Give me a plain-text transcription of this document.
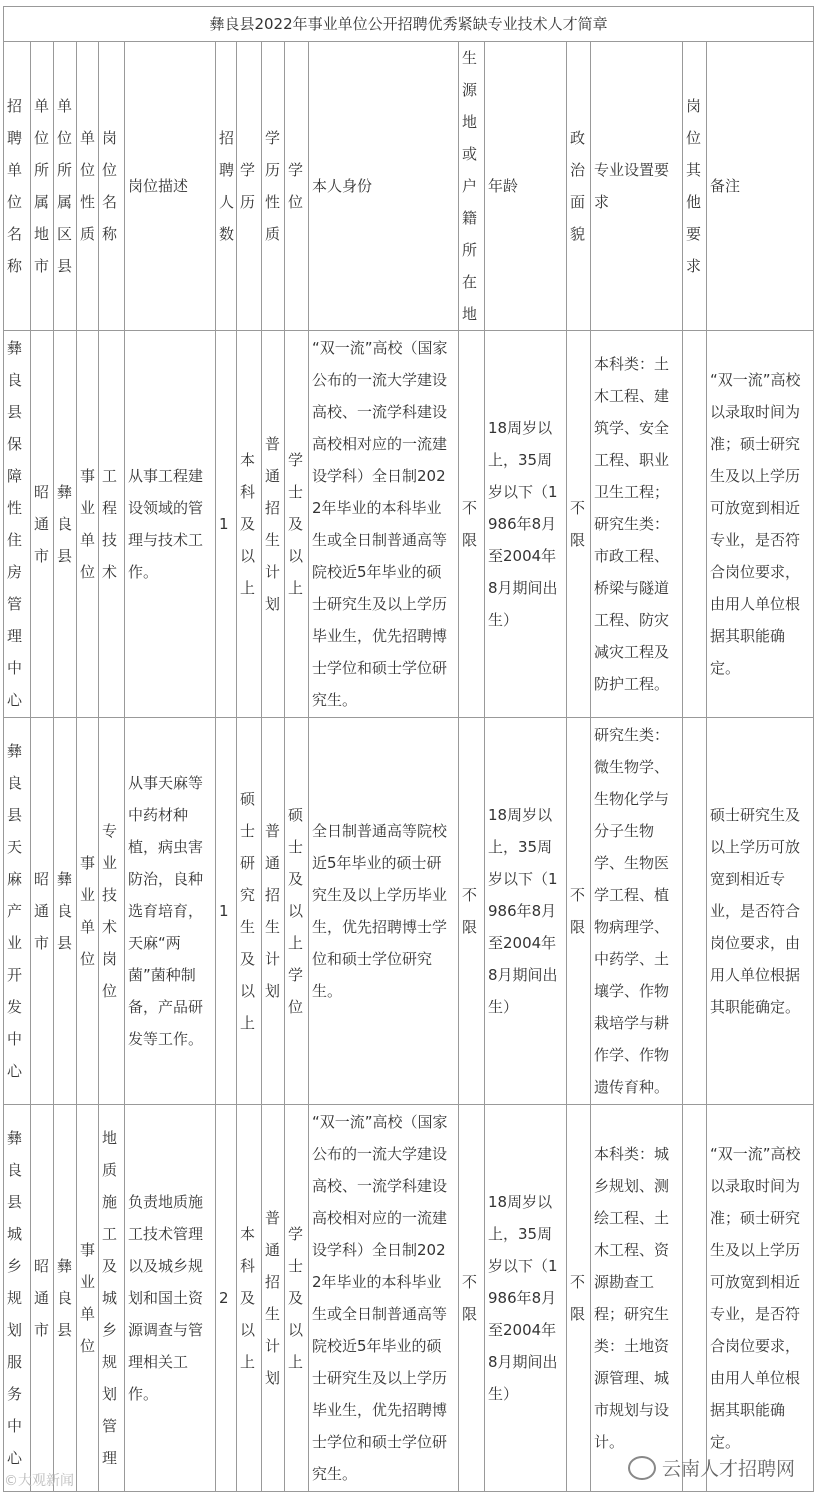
彝良县2022年事业单位公开招聘优秀紧缺专业技术人才简章																
招聘单位名称	单位所属地市	单位所属区县	单位性质	岗位名称	岗位描述	招聘人数	学历	学历性质	学位	本人身份	生源地或户籍所在地	年龄	政治面貌	专业设置要求	岗位其他要求	备注
彝良县保障性住房管理中心	昭通市	彝良县	事业单位	工程技术	从事工程建设领域的管理与技术工作。	1	本科及以上	普通招生计划	学士及以上	“双一流”高校（国家公布的一流大学建设高校、一流学科建设高校相对应的一流建设学科）全日制2022年毕业的本科毕业生或全日制普通高等院校近5年毕业的硕士研究生及以上学历毕业生，优先招聘博士学位和硕士学位研究生。	不限	18周岁以上，35周岁以下（1986年8月至2004年8月期间出生）	不限	本科类：土木工程、建筑学、安全工程、职业卫生工程；研究生类：市政工程、桥梁与隧道工程、防灾减灾工程及防护工程。		“双一流”高校以录取时间为准；硕士研究生及以上学历可放宽到相近专业，是否符合岗位要求，由用人单位根据其职能确定。
彝良县天麻产业开发中心	昭通市	彝良县	事业单位	专业技术岗位	从事天麻等中药材种植，病虫害防治，良种选育培育，天麻“两菌”菌种制备，产品研发等工作。	1	硕士研究生及以上	普通招生计划	硕士及以上学位	全日制普通高等院校近5年毕业的硕士研究生及以上学历毕业生，优先招聘博士学位和硕士学位研究生。	不限	18周岁以上，35周岁以下（1986年8月至2004年8月期间出生）	不限	研究生类：微生物学、生物化学与分子生物学、生物医学工程、植物病理学、中药学、土壤学、作物栽培学与耕作学、作物遗传育种。		硕士研究生及以上学历可放宽到相近专业，是否符合岗位要求，由用人单位根据其职能确定。
彝良县城乡规划服务中心	昭通市	彝良县	事业单位	地质施工及城乡规划管理	负责地质施工技术管理以及城乡规划和国土资源调查与管理相关工作。	2	本科及以上	普通招生计划	学士及以上	“双一流”高校（国家公布的一流大学建设高校、一流学科建设高校相对应的一流建设学科）全日制2022年毕业的本科毕业生或全日制普通高等院校近5年毕业的硕士研究生及以上学历毕业生，优先招聘博士学位和硕士学位研究生。	不限	18周岁以上，35周岁以下（1986年8月至2004年8月期间出生）	不限	本科类：城乡规划、测绘工程、土木工程、资源勘查工程；研究生类：土地资源管理、城市规划与设计。		“双一流”高校以录取时间为准；硕士研究生及以上学历可放宽到相近专业，是否符合岗位要求，由用人单位根据其职能确定。
©大观新闻
云南人才招聘网
